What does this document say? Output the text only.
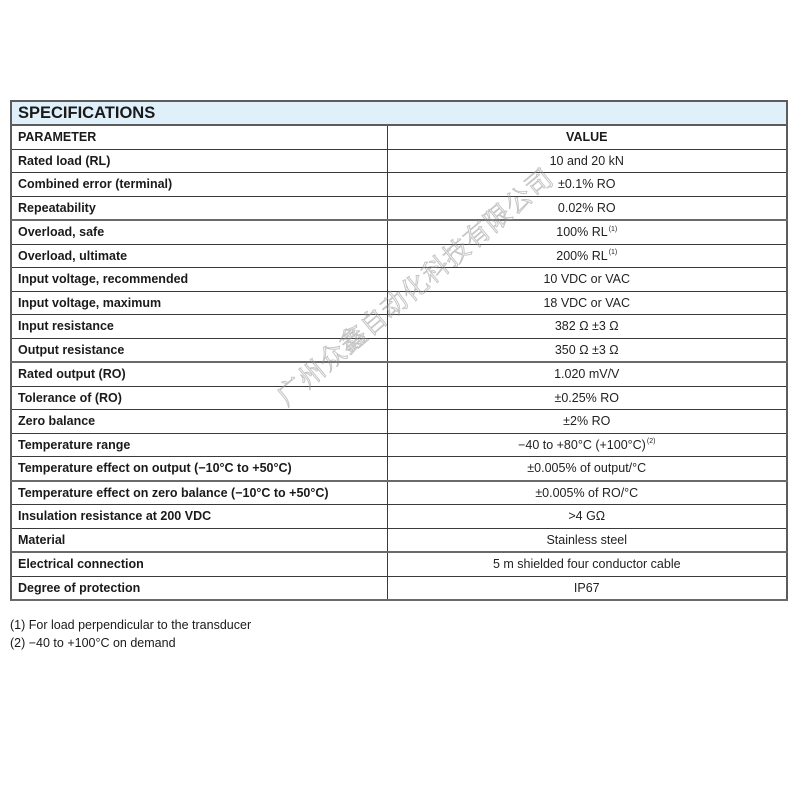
SPECIFICATIONS	
PARAMETER	VALUE
Rated load (RL)	10 and 20 kN
Combined error (terminal)	±0.1% RO
Repeatability	0.02% RO
Overload, safe	100% RL$^{(1)}$
Overload, ultimate	200% RL$^{(1)}$
Input voltage, recommended	10 VDC or VAC
Input voltage, maximum	18 VDC or VAC
Input resistance	382 Ω ±3 Ω
Output resistance	350 Ω ±3 Ω
Rated output (RO)	1.020 mV/V
Tolerance of (RO)	±0.25% RO
Zero balance	±2% RO
Temperature range	−40 to +80°C (+100°C)$^{(2)}$
Temperature effect on output (−10°C to +50°C)	±0.005% of output/°C
Temperature effect on zero balance (−10°C to +50°C)	±0.005% of RO/°C
Insulation resistance at 200 VDC	>4 GΩ
Material	Stainless steel
Electrical connection	5 m shielded four conductor cable
Degree of protection	IP67
(1) For load perpendicular to the transducer
(2) −40 to +100°C on demand
广州众鑫自动化科技有限公司
